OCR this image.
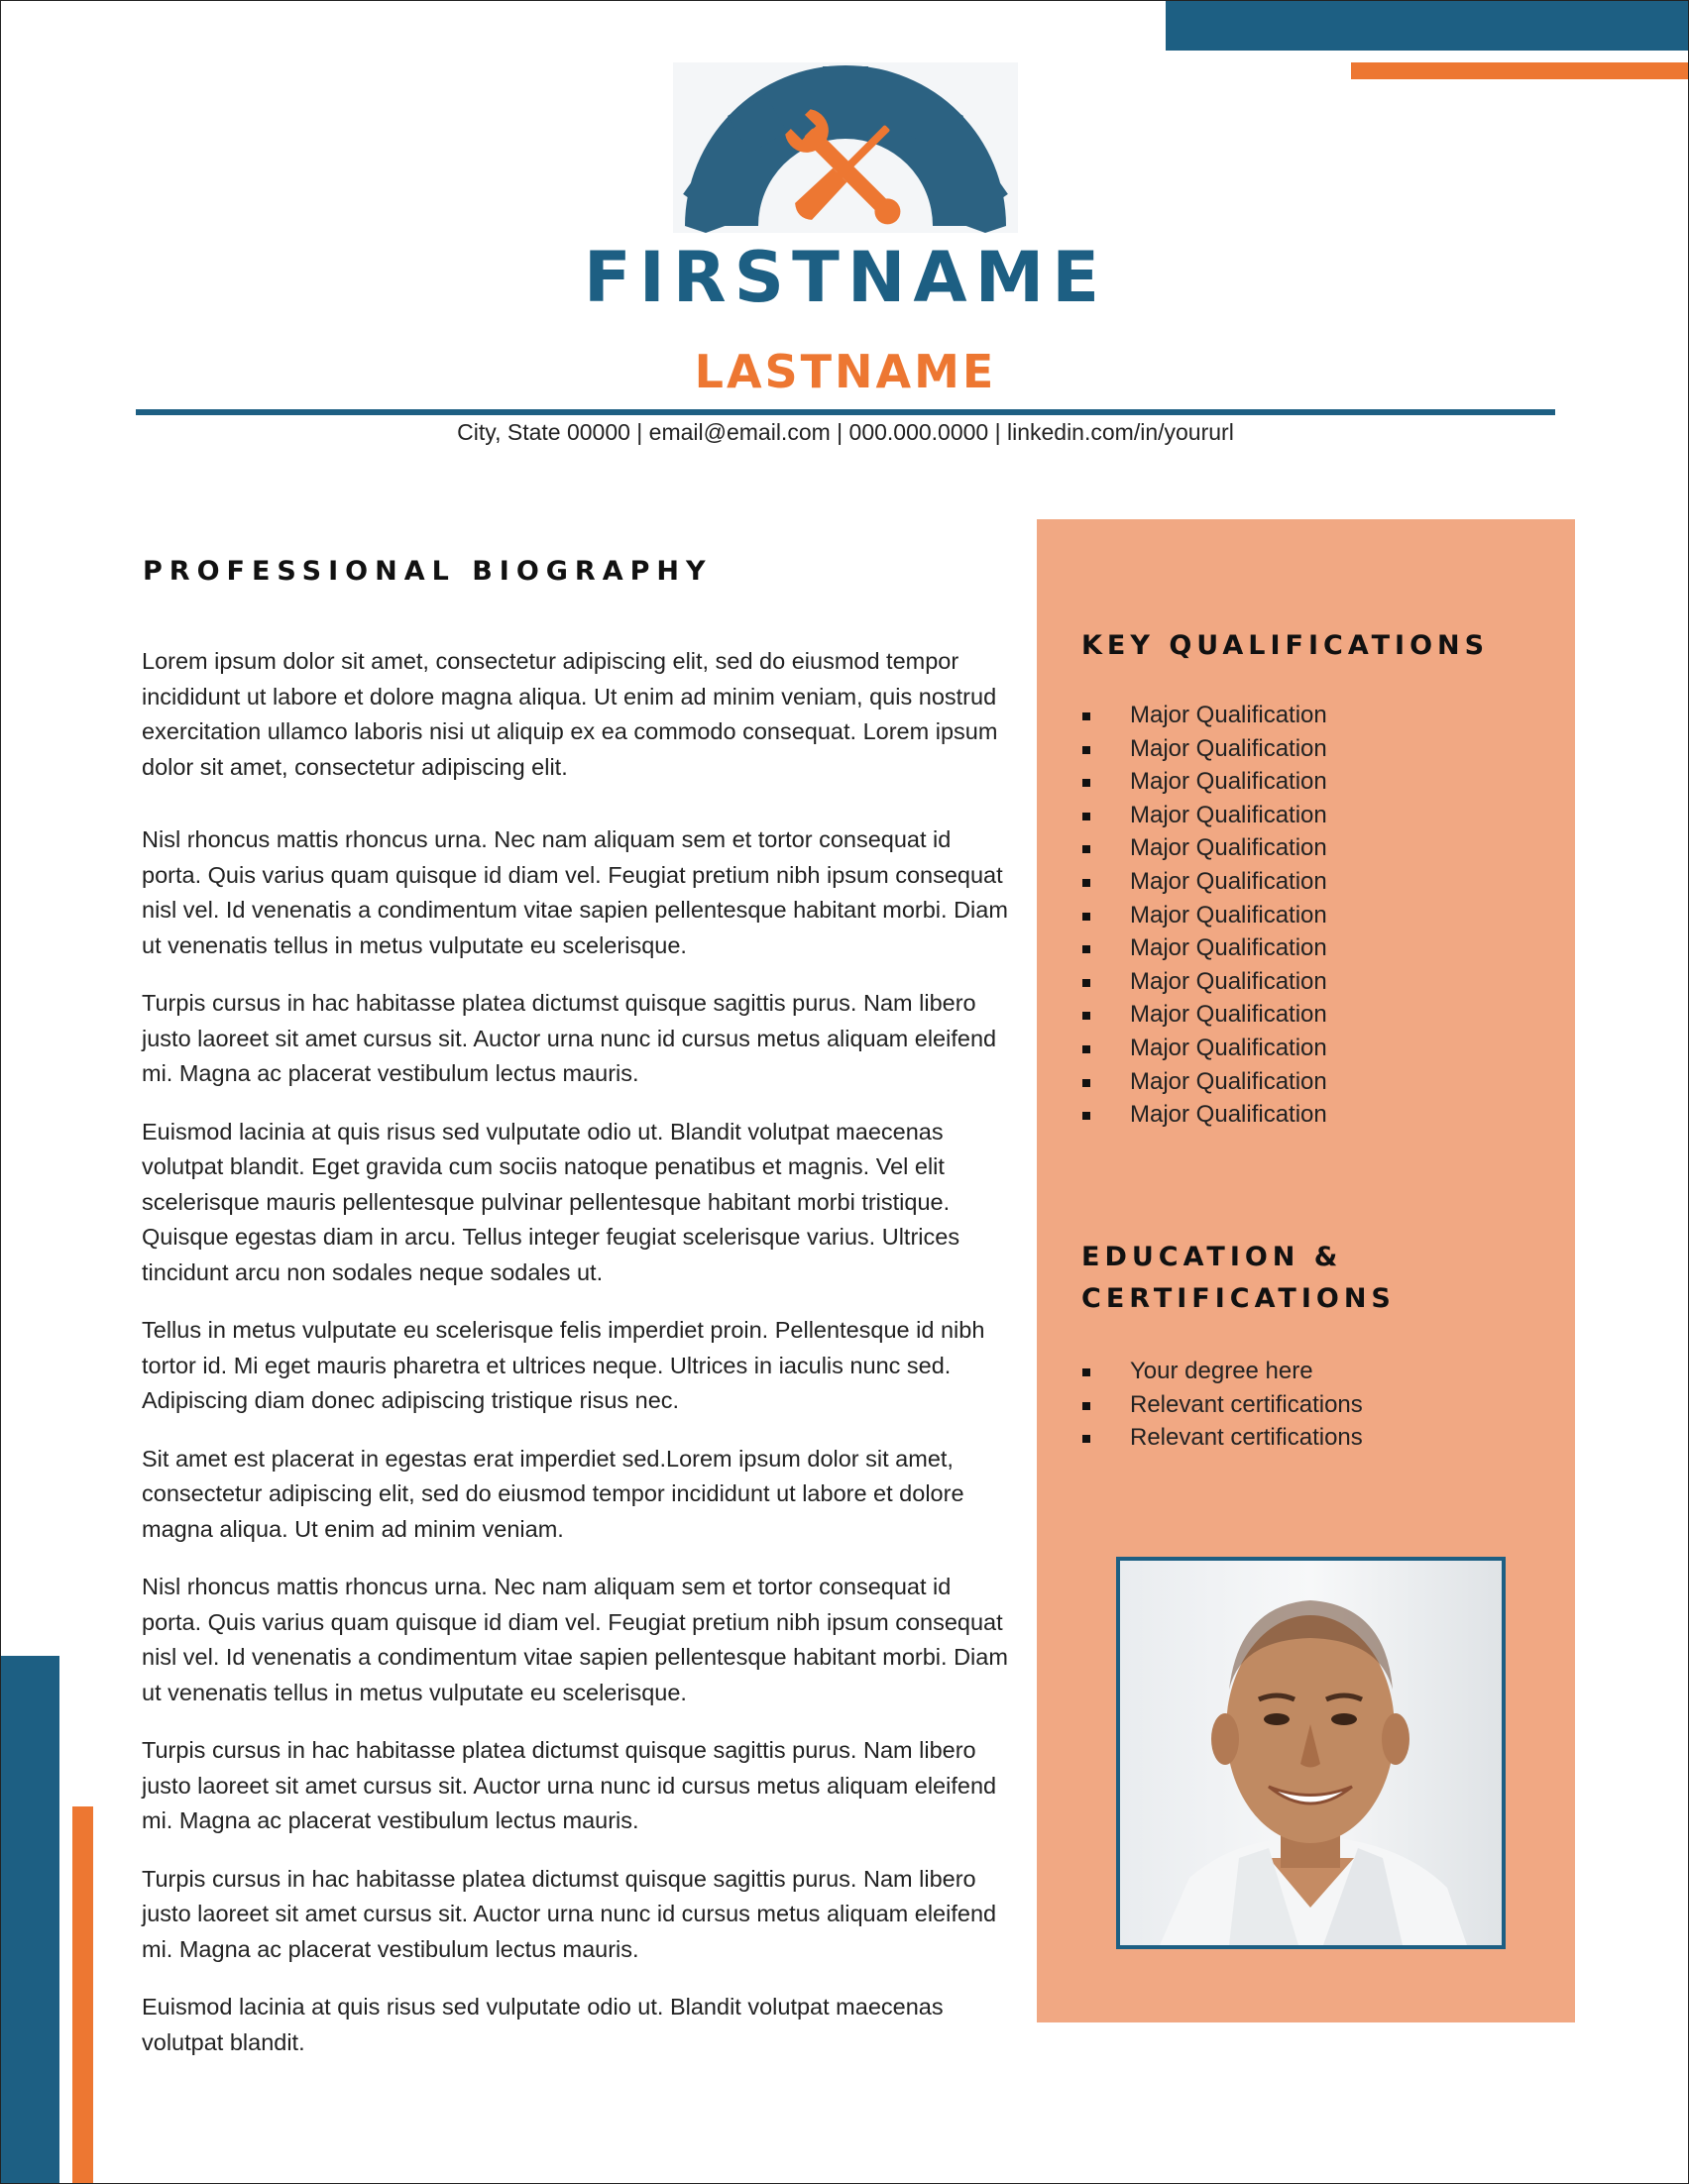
FIRSTNAME
LASTNAME
City, State 00000 | email@email.com | 000.000.0000 | linkedin.com/in/yoururl
PROFESSIONAL BIOGRAPHY

Lorem ipsum dolor sit amet, consectetur adipiscing elit, sed do eiusmod tempor incididunt ut labore et dolore magna aliqua. Ut enim ad minim veniam, quis nostrud exercitation ullamco laboris nisi ut aliquip ex ea commodo consequat. Lorem ipsum dolor sit amet, consectetur adipiscing elit.

Nisl rhoncus mattis rhoncus urna. Nec nam aliquam sem et tortor consequat id porta. Quis varius quam quisque id diam vel. Feugiat pretium nibh ipsum consequat nisl vel. Id venenatis a condimentum vitae sapien pellentesque habitant morbi. Diam ut venenatis tellus in metus vulputate eu scelerisque.

Turpis cursus in hac habitasse platea dictumst quisque sagittis purus. Nam libero justo laoreet sit amet cursus sit. Auctor urna nunc id cursus metus aliquam eleifend mi. Magna ac placerat vestibulum lectus mauris.

Euismod lacinia at quis risus sed vulputate odio ut. Blandit volutpat maecenas volutpat blandit. Eget gravida cum sociis natoque penatibus et magnis. Vel elit scelerisque mauris pellentesque pulvinar pellentesque habitant morbi tristique. Quisque egestas diam in arcu. Tellus integer feugiat scelerisque varius. Ultrices tincidunt arcu non sodales neque sodales ut.

Tellus in metus vulputate eu scelerisque felis imperdiet proin. Pellentesque id nibh tortor id. Mi eget mauris pharetra et ultrices neque. Ultrices in iaculis nunc sed. Adipiscing diam donec adipiscing tristique risus nec.

Sit amet est placerat in egestas erat imperdiet sed.Lorem ipsum dolor sit amet, consectetur adipiscing elit, sed do eiusmod tempor incididunt ut labore et dolore magna aliqua. Ut enim ad minim veniam.

Nisl rhoncus mattis rhoncus urna. Nec nam aliquam sem et tortor consequat id porta. Quis varius quam quisque id diam vel. Feugiat pretium nibh ipsum consequat nisl vel. Id venenatis a condimentum vitae sapien pellentesque habitant morbi. Diam ut venenatis tellus in metus vulputate eu scelerisque.

Turpis cursus in hac habitasse platea dictumst quisque sagittis purus. Nam libero justo laoreet sit amet cursus sit. Auctor urna nunc id cursus metus aliquam eleifend mi. Magna ac placerat vestibulum lectus mauris.

Turpis cursus in hac habitasse platea dictumst quisque sagittis purus. Nam libero justo laoreet sit amet cursus sit. Auctor urna nunc id cursus metus aliquam eleifend mi. Magna ac placerat vestibulum lectus mauris.

Euismod lacinia at quis risus sed vulputate odio ut. Blandit volutpat maecenas volutpat blandit.

KEY QUALIFICATIONS
Major Qualification
Major Qualification
Major Qualification
Major Qualification
Major Qualification
Major Qualification
Major Qualification
Major Qualification
Major Qualification
Major Qualification
Major Qualification
Major Qualification
Major Qualification
EDUCATION &
CERTIFICATIONS
Your degree here
Relevant certifications
Relevant certifications
